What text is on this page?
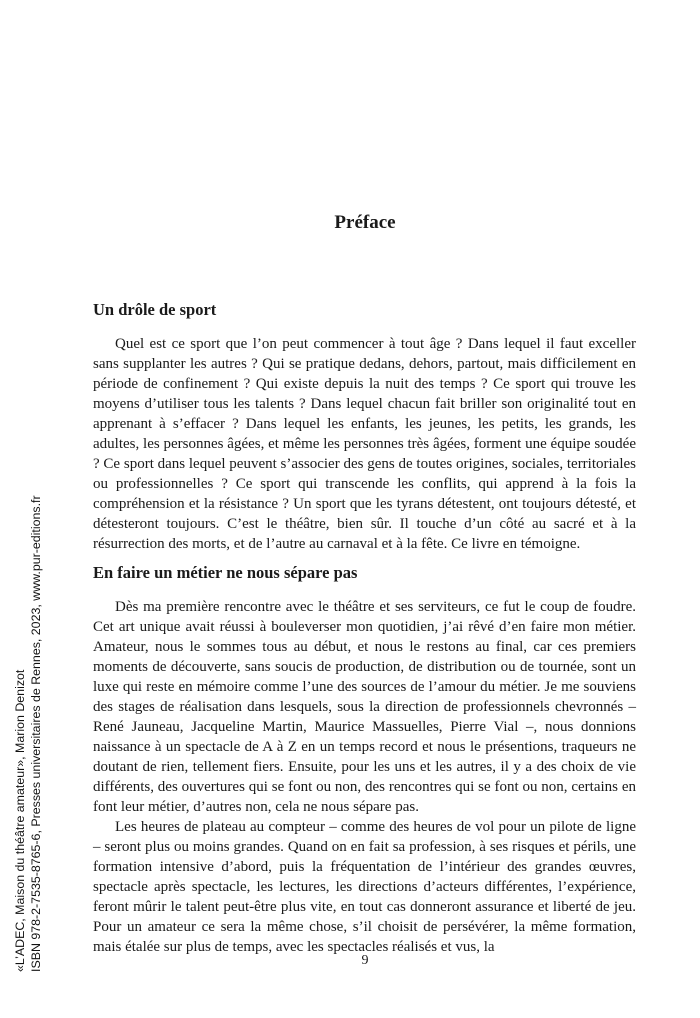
Préface
Un drôle de sport

Quel est ce sport que l’on peut commencer à tout âge ? Dans lequel il faut exceller sans supplanter les autres ? Qui se pratique dedans, dehors, partout, mais difficilement en période de confinement ? Qui existe depuis la nuit des temps ? Ce sport qui trouve les moyens d’utiliser tous les talents ? Dans lequel chacun fait briller son originalité tout en apprenant à s’effacer ? Dans lequel les enfants, les jeunes, les petits, les grands, les adultes, les personnes âgées, et même les personnes très âgées, forment une équipe soudée ? Ce sport dans lequel peuvent s’associer des gens de toutes origines, sociales, territoriales ou professionnelles ? Ce sport qui transcende les conflits, qui apprend à la fois la compréhension et la résistance ? Un sport que les tyrans détestent, ont toujours détesté, et détesteront toujours. C’est le théâtre, bien sûr. Il touche d’un côté au sacré et à la résurrection des morts, et de l’autre au carnaval et à la fête. Ce livre en témoigne.

En faire un métier ne nous sépare pas

Dès ma première rencontre avec le théâtre et ses serviteurs, ce fut le coup de foudre. Cet art unique avait réussi à bouleverser mon quotidien, j’ai rêvé d’en faire mon métier. Amateur, nous le sommes tous au début, et nous le restons au final, car ces premiers moments de découverte, sans soucis de production, de distribution ou de tournée, sont un luxe qui reste en mémoire comme l’une des sources de l’amour du métier. Je me souviens des stages de réalisation dans lesquels, sous la direction de professionnels chevronnés – René Jauneau, Jacqueline Martin, Maurice Massuelles, Pierre Vial –, nous donnions naissance à un spectacle de A à Z en un temps record et nous le présentions, traqueurs ne doutant de rien, tellement fiers. Ensuite, pour les uns et les autres, il y a des choix de vie différents, des ouvertures qui se font ou non, des rencontres qui se font ou non, certains en font leur métier, d’autres non, cela ne nous sépare pas.

Les heures de plateau au compteur – comme des heures de vol pour un pilote de ligne – seront plus ou moins grandes. Quand on en fait sa profession, à ses risques et périls, une formation intensive d’abord, puis la fréquentation de l’intérieur des grandes œuvres, spectacle après spectacle, les lectures, les directions d’acteurs différentes, l’expérience, feront mûrir le talent peut-être plus vite, en tout cas donneront assurance et liberté de jeu. Pour un amateur ce sera la même chose, s’il choisit de persévérer, la même formation, mais étalée sur plus de temps, avec les spectacles réalisés et vus, la

9
«L’ADEC, Maison du théâtre amateur», Marion Denizot ISBN 978-2-7535-8765-6, Presses universitaires de Rennes, 2023, www.pur-editions.fr
